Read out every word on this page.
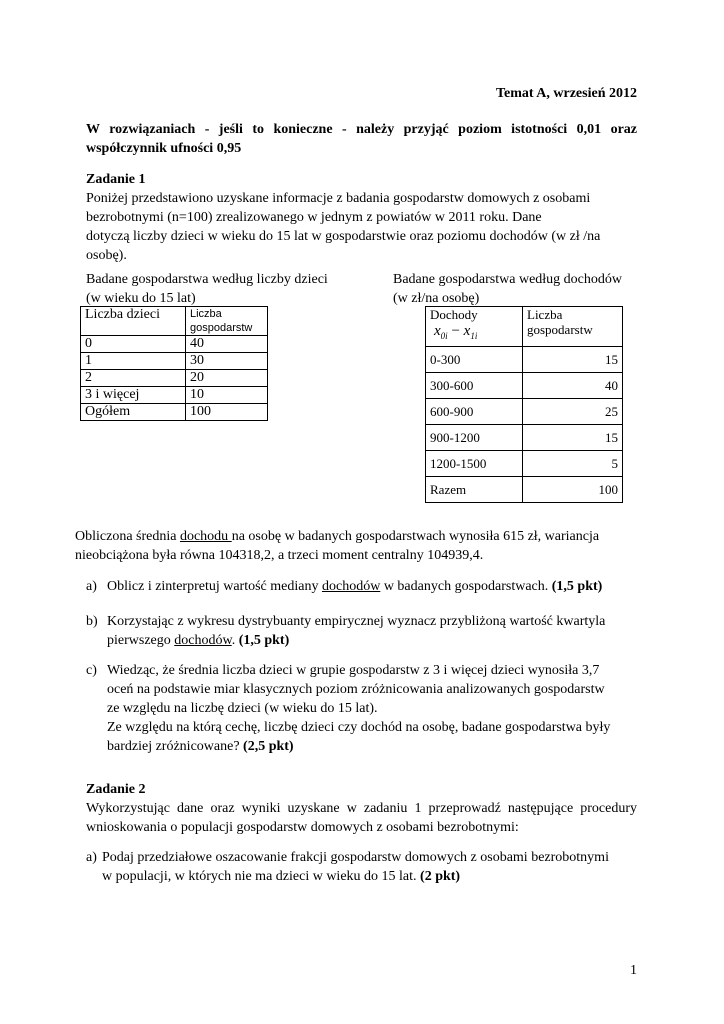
Temat A, wrzesień 2012

W rozwiązaniach - jeśli to konieczne - należy przyjąć poziom istotności 0,01 oraz

współczynnik ufności 0,95

Zadanie 1

Poniżej przedstawiono uzyskane informacje z badania gospodarstw domowych z osobami

bezrobotnymi (n=100) zrealizowanego w jednym z powiatów w 2011 roku. Dane

dotyczą liczby dzieci w wieku do 15 lat w gospodarstwie oraz poziomu dochodów (w zł /na

osobę).

Badane gospodarstwa według liczby dzieci

(w wieku do 15 lat)

Liczba dzieci	Liczba
gospodarstw
0	40
1	30
2	20
3 i więcej	10
Ogółem	100

Badane gospodarstwa według dochodów

(w zł/na osobę)

Dochody
$x_{0i} - x_{1i}$	Liczba
gospodarstw
0-300	15
300-600	40
600-900	25
900-1200	15
1200-1500	5
Razem	100

Obliczona średnia dochodu na osobę w badanych gospodarstwach wynosiła 615 zł, wariancja

nieobciążona była równa 104318,2, a trzeci moment centralny 104939,4.

a) Oblicz i zinterpretuj wartość mediany dochodów w badanych gospodarstwach. (1,5 pkt)

b) Korzystając z wykresu dystrybuanty empirycznej wyznacz przybliżoną wartość kwartyla

pierwszego dochodów. (1,5 pkt)

c) Wiedząc, że średnia liczba dzieci w grupie gospodarstw z 3 i więcej dzieci wynosiła 3,7

oceń na podstawie miar klasycznych poziom zróżnicowania analizowanych gospodarstw

ze względu na liczbę dzieci (w wieku do 15 lat).

Ze względu na którą cechę, liczbę dzieci czy dochód na osobę, badane gospodarstwa były

bardziej zróżnicowane? (2,5 pkt)

Zadanie 2

Wykorzystując dane oraz wyniki uzyskane w zadaniu 1 przeprowadź następujące procedury

wnioskowania o populacji gospodarstw domowych z osobami bezrobotnymi:

a) Podaj przedziałowe oszacowanie frakcji gospodarstw domowych z osobami bezrobotnymi

w populacji, w których nie ma dzieci w wieku do 15 lat. (2 pkt)

1
